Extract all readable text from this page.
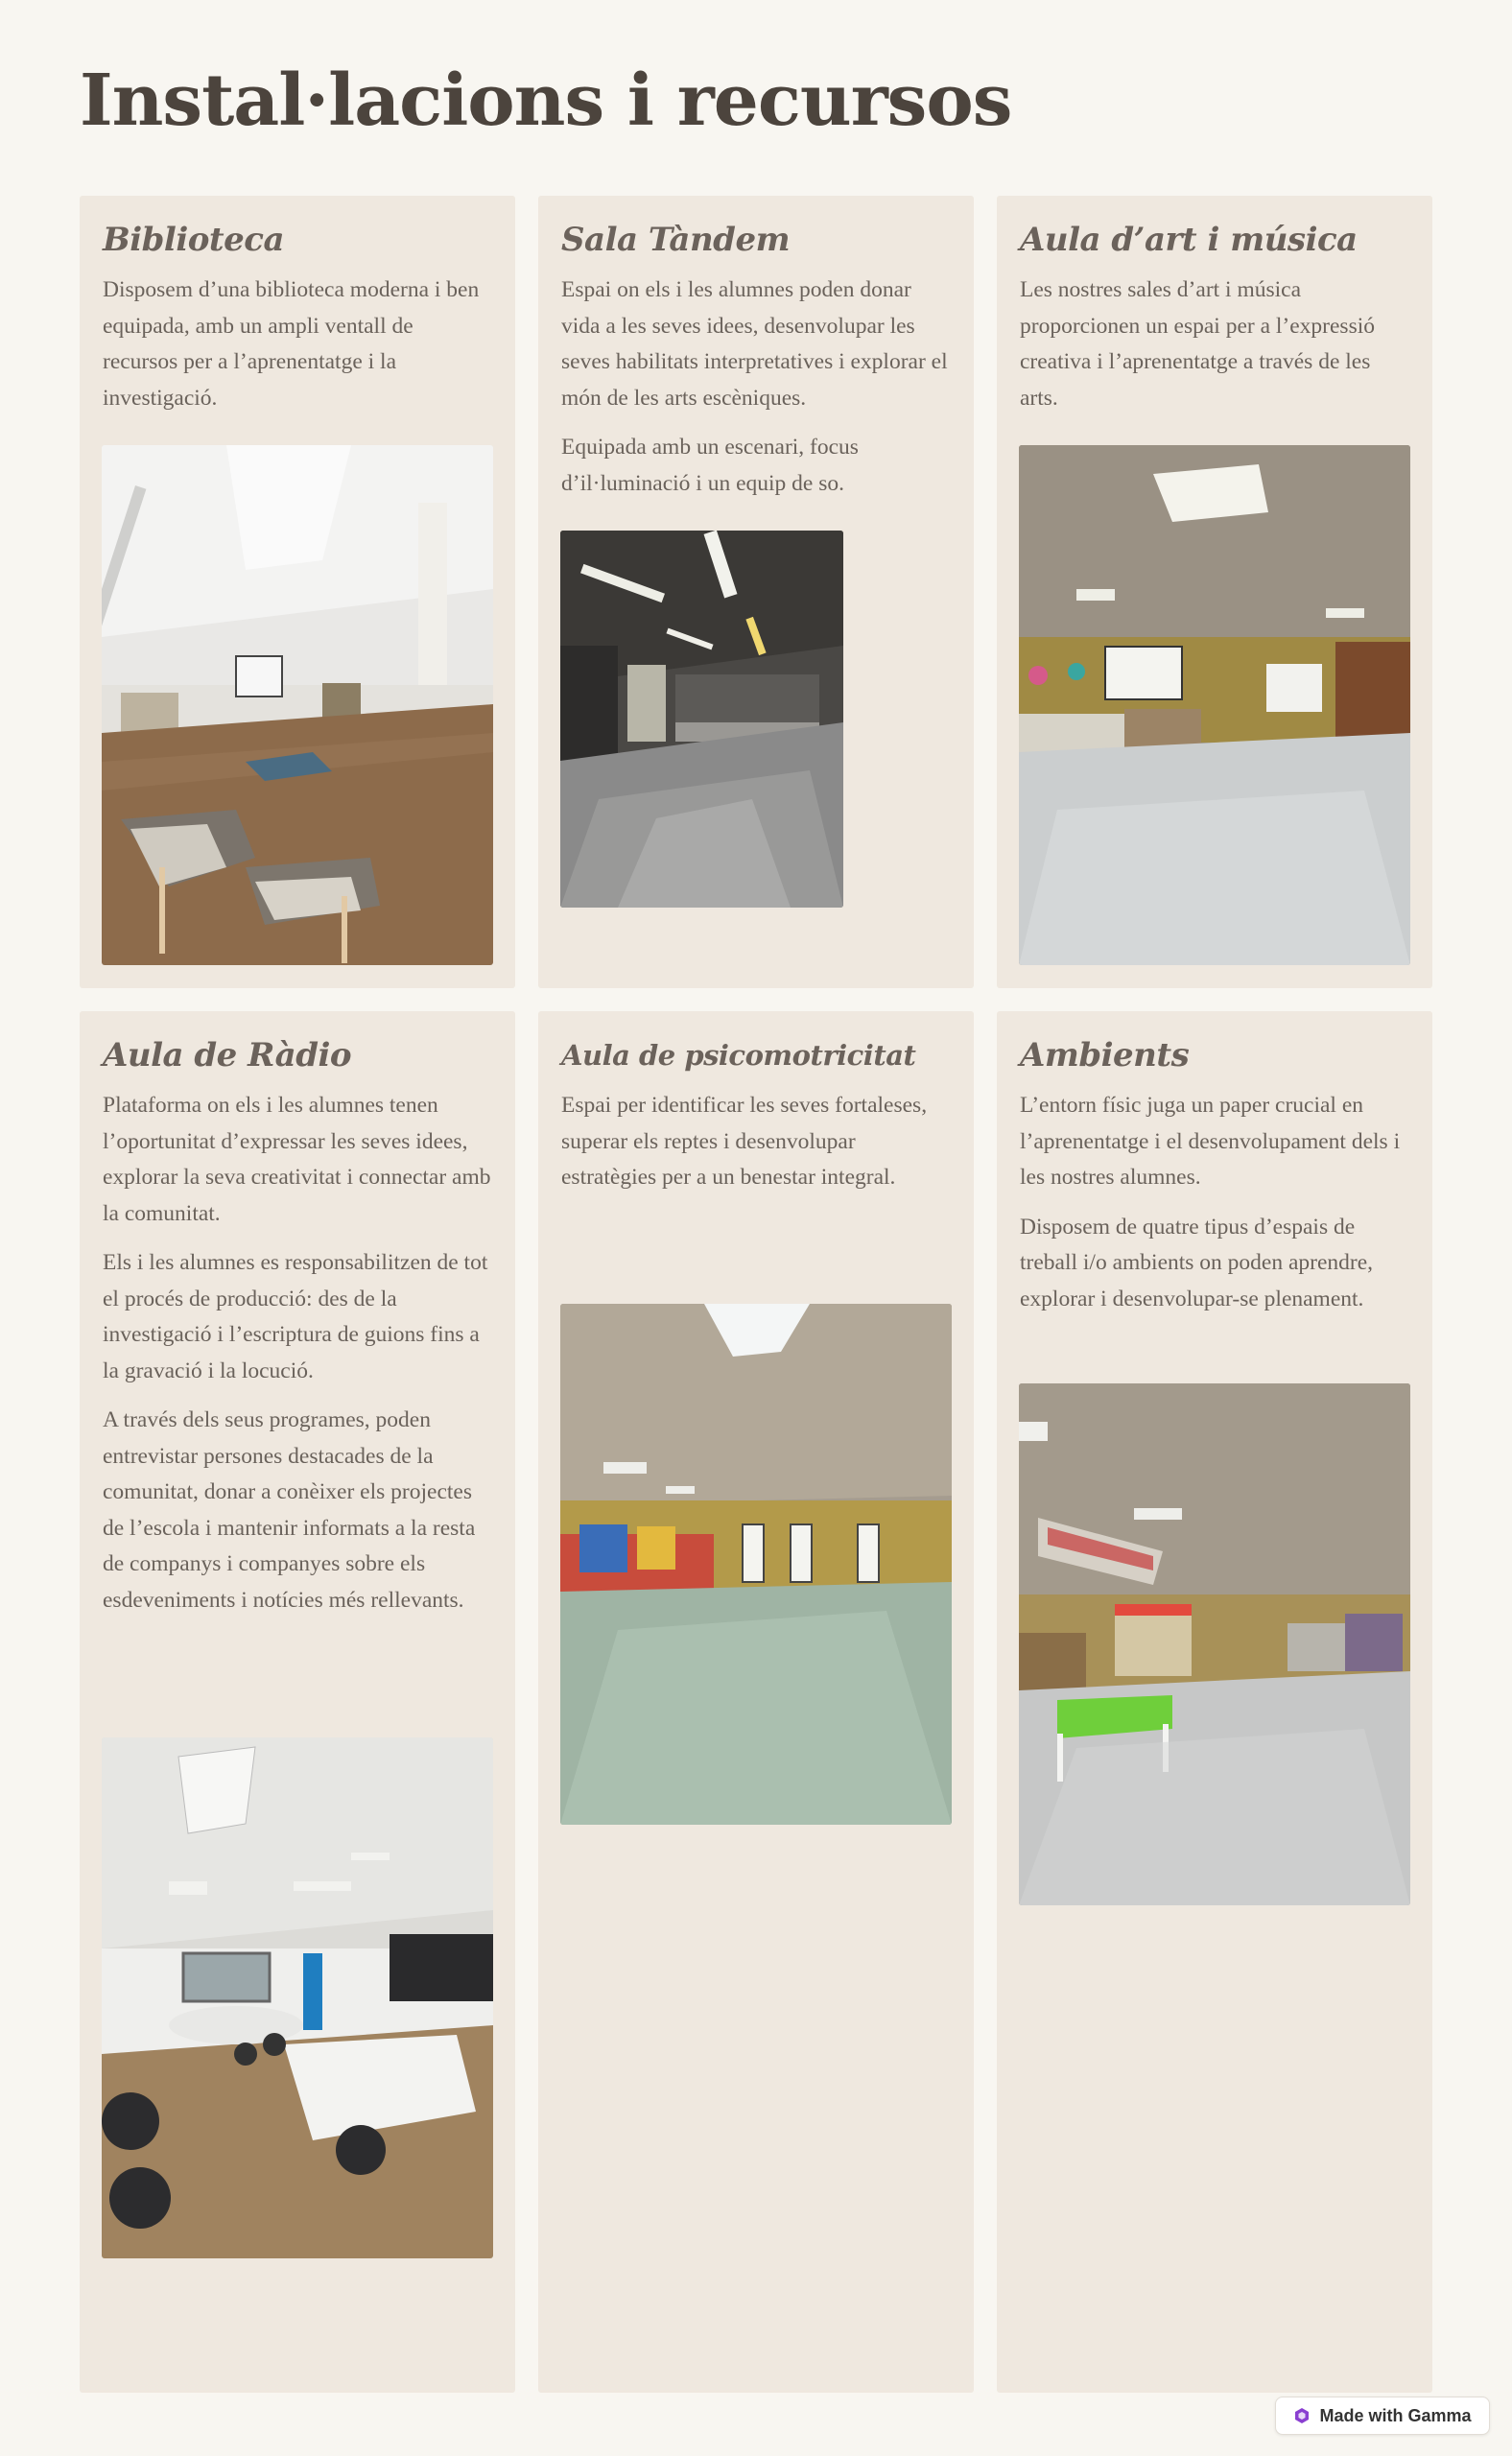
Instal·lacions i recursos
Biblioteca

Disposem d’una biblioteca moderna i ben equipada, amb un ampli ventall de recursos per a l’aprenentatge i la investigació.

Sala Tàndem

Espai on els i les alumnes poden donar vida a les seves idees, desenvolupar les seves habilitats interpretatives i explorar el món de les arts escèniques.

Equipada amb un escenari, focus d’il·luminació i un equip de so.

Aula d’art i música

Les nostres sales d’art i música proporcionen un espai per a l’expressió creativa i l’aprenentatge a través de les arts.

Aula de Ràdio

Plataforma on els i les alumnes tenen l’oportunitat d’expressar les seves idees, explorar la seva creativitat i connectar amb la comunitat.

Els i les alumnes es responsabilitzen de tot el procés de producció: des de la investigació i l’escriptura de guions fins a la gravació i la locució.

A través dels seus programes, poden entrevistar persones destacades de la comunitat, donar a conèixer els projectes de l’escola i mantenir informats a la resta de companys i companyes sobre els esdeveniments i notícies més rellevants.

Aula de psicomotricitat

Espai per identificar les seves fortaleses, superar els reptes i desenvolupar estratègies per a un benestar integral.

Ambients

L’entorn físic juga un paper crucial en l’aprenentatge i el desenvolupament dels i les nostres alumnes.

Disposem de quatre tipus d’espais de treball i/o ambients on poden aprendre, explorar i desenvolupar-se plenament.

Made with Gamma
